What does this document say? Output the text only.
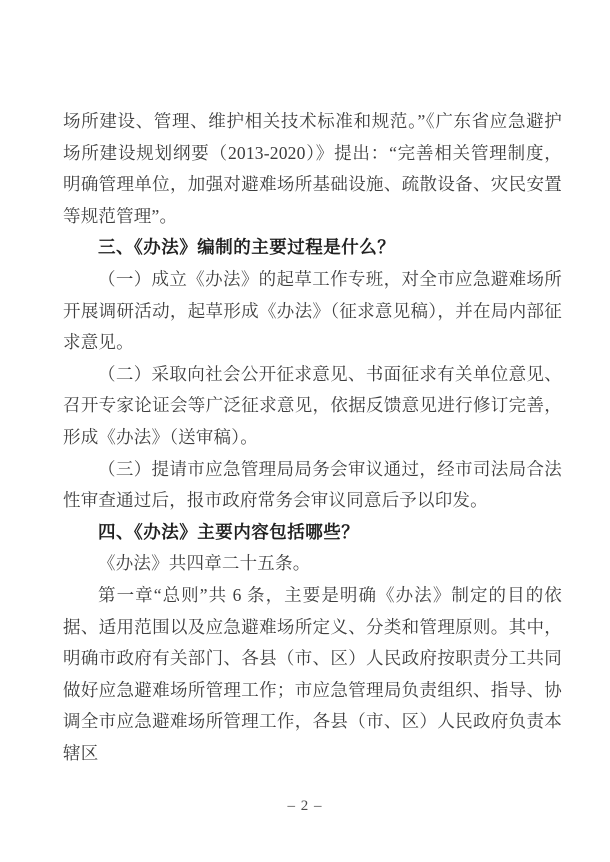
场所建设、管理、维护相关技术标准和规范。”《广东省应急避护场所建设规划纲要（2013-2020）》提出：“完善相关管理制度，明确管理单位，加强对避难场所基础设施、疏散设备、灾民安置等规范管理”。

三、《办法》编制的主要过程是什么？

（一）成立《办法》的起草工作专班，对全市应急避难场所开展调研活动，起草形成《办法》（征求意见稿），并在局内部征求意见。

（二）采取向社会公开征求意见、书面征求有关单位意见、召开专家论证会等广泛征求意见，依据反馈意见进行修订完善，形成《办法》（送审稿）。

（三）提请市应急管理局局务会审议通过，经市司法局合法性审查通过后，报市政府常务会审议同意后予以印发。

四、《办法》主要内容包括哪些？

《办法》共四章二十五条。

第一章“总则”共 6 条，主要是明确《办法》制定的目的依据、适用范围以及应急避难场所定义、分类和管理原则。其中，明确市政府有关部门、各县（市、区）人民政府按职责分工共同做好应急避难场所管理工作；市应急管理局负责组织、指导、协调全市应急避难场所管理工作，各县（市、区）人民政府负责本辖区

– 2 –
